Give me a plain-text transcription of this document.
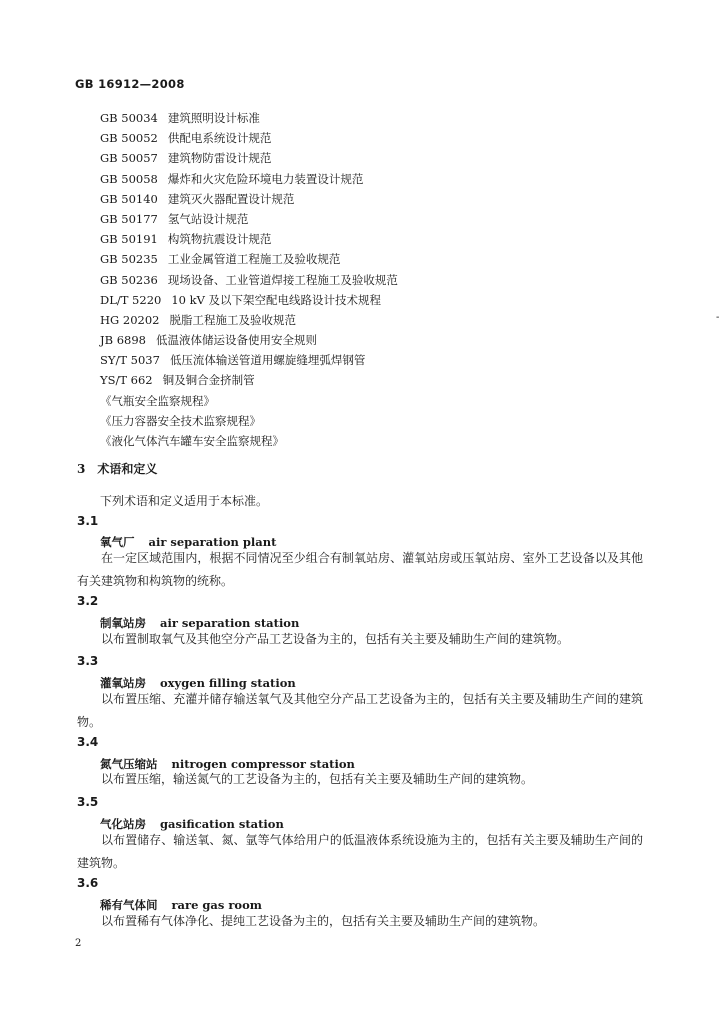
GB 16912—2008
GB 50034 建筑照明设计标准
GB 50052 供配电系统设计规范
GB 50057 建筑物防雷设计规范
GB 50058 爆炸和火灾危险环境电力装置设计规范
GB 50140 建筑灭火器配置设计规范
GB 50177 氢气站设计规范
GB 50191 构筑物抗震设计规范
GB 50235 工业金属管道工程施工及验收规范
GB 50236 现场设备、工业管道焊接工程施工及验收规范
DL/T 5220 10 kV 及以下架空配电线路设计技术规程
HG 20202 脱脂工程施工及验收规范
JB 6898 低温液体储运设备使用安全规则
SY/T 5037 低压流体输送管道用螺旋缝埋弧焊钢管
YS/T 662 铜及铜合金挤制管
《气瓶安全监察规程》
《压力容器安全技术监察规程》
《液化气体汽车罐车安全监察规程》
3 术语和定义
下列术语和定义适用于本标准。
3.1
氧气厂 air separation plant
在一定区域范围内，根据不同情况至少组合有制氧站房、灌氧站房或压氧站房、室外工艺设备以及其他有关建筑物和构筑物的统称。
3.2
制氧站房 air separation station
以布置制取氧气及其他空分产品工艺设备为主的，包括有关主要及辅助生产间的建筑物。
3.3
灌氧站房 oxygen filling station
以布置压缩、充灌并储存输送氧气及其他空分产品工艺设备为主的，包括有关主要及辅助生产间的建筑物。
3.4
氮气压缩站 nitrogen compressor station
以布置压缩，输送氮气的工艺设备为主的，包括有关主要及辅助生产间的建筑物。
3.5
气化站房 gasification station
以布置储存、输送氧、氮、氩等气体给用户的低温液体系统设施为主的，包括有关主要及辅助生产间的建筑物。
3.6
稀有气体间 rare gas room
以布置稀有气体净化、提纯工艺设备为主的，包括有关主要及辅助生产间的建筑物。
2
-
